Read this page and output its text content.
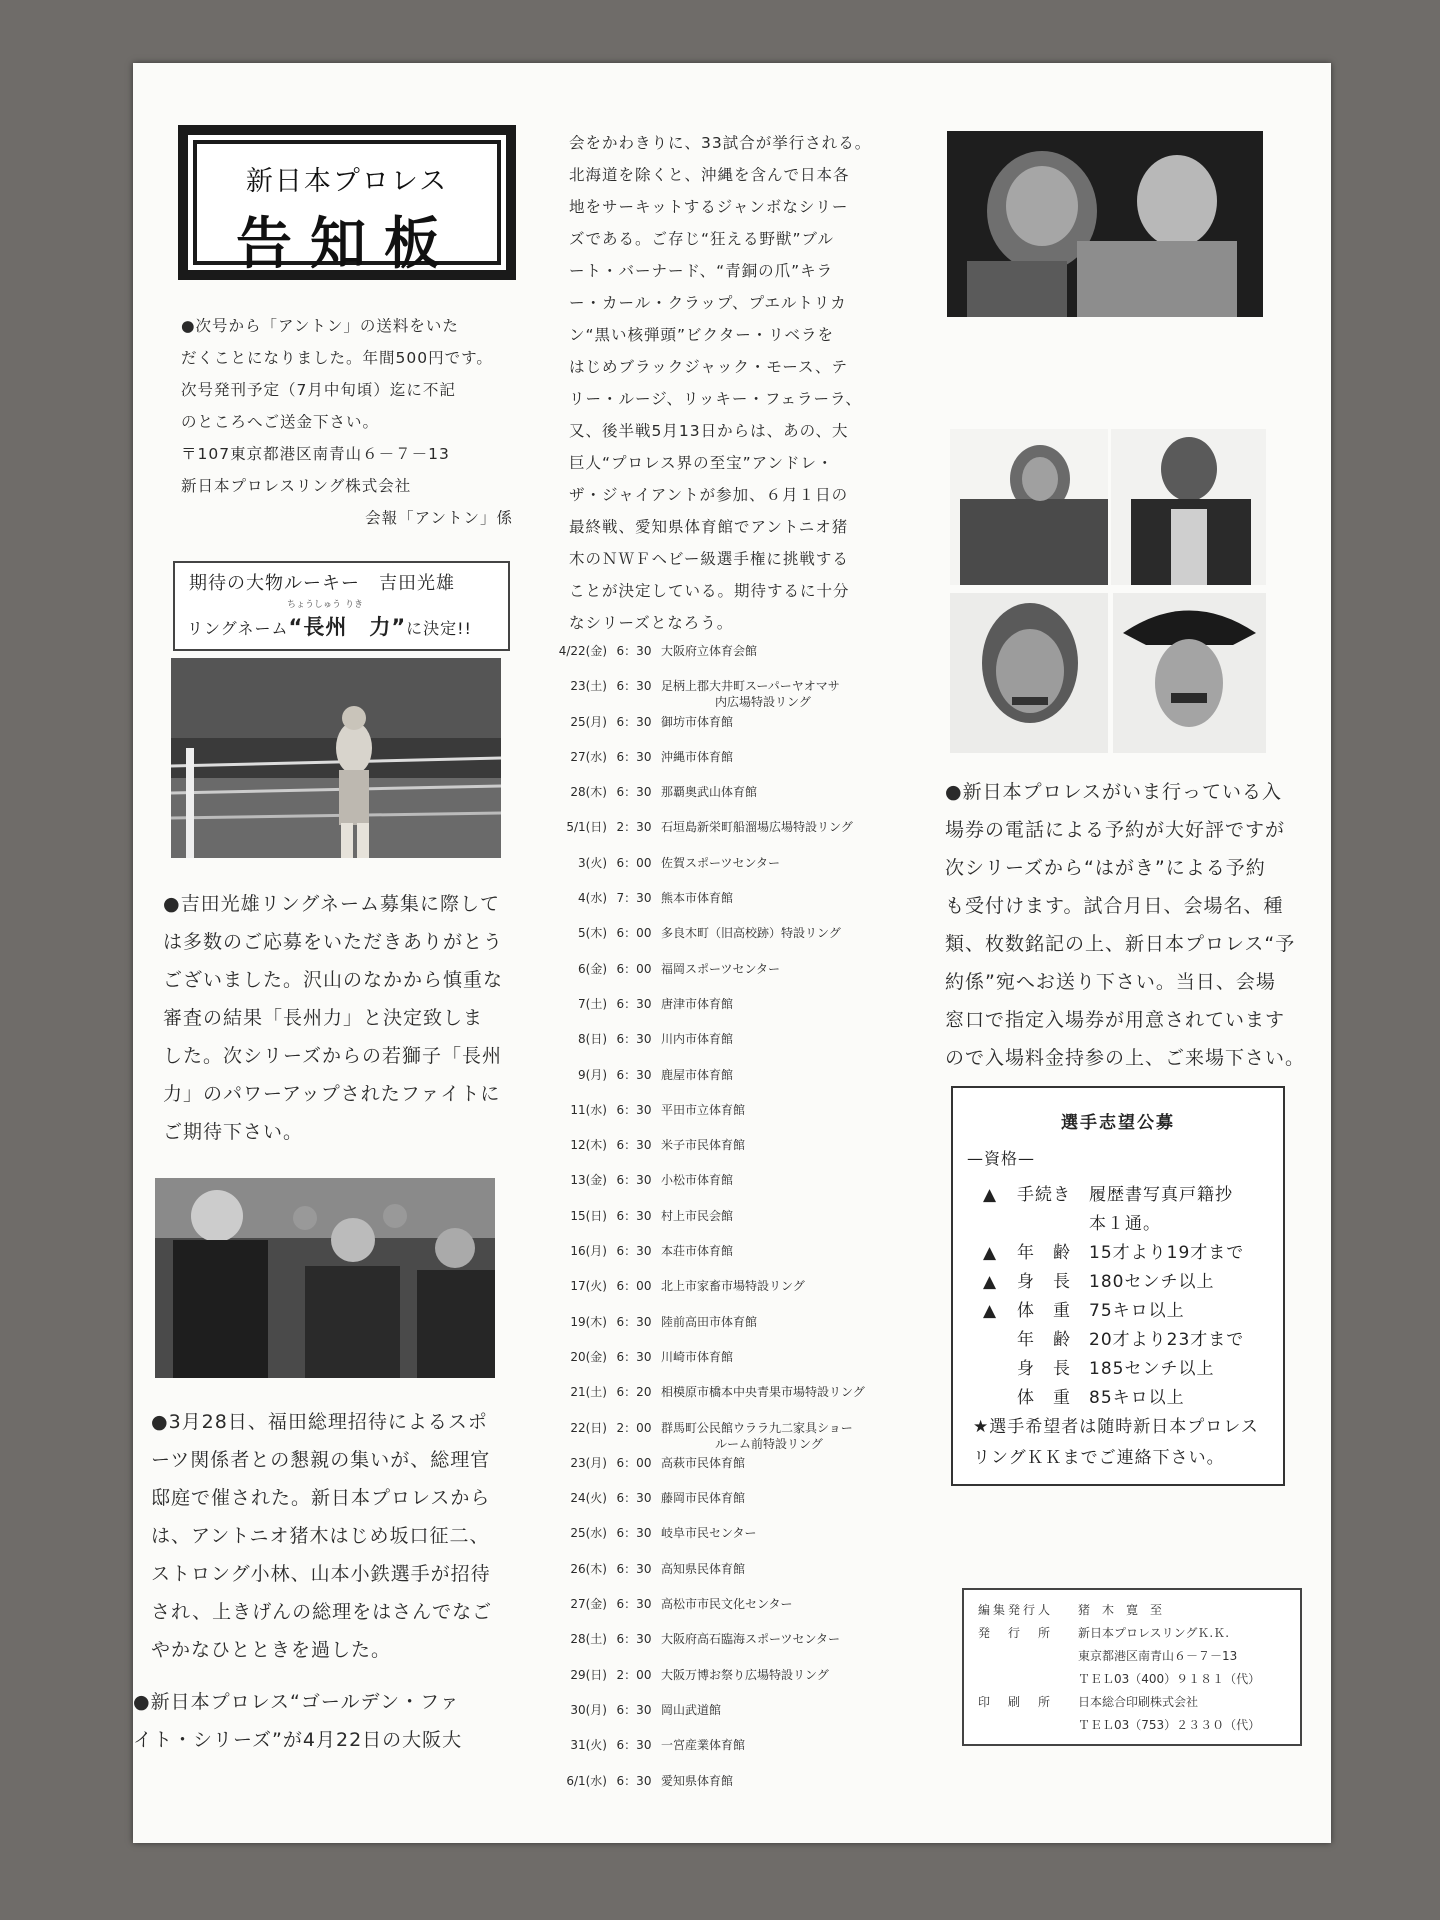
新日本プロレス
告知板
●次号から「アントン」の送料をいた
だくことになりました。年間500円です。
次号発刊予定（7月中旬頃）迄に不記
のところへご送金下さい。
〒107東京都港区南青山６－７－13
新日本プロレスリング株式会社
会報「アントン」係
期待の大物ルーキー　吉田光雄
ちょうしゅう りき
リングネーム“長州　力”に決定!!
●吉田光雄リングネーム募集に際して
は多数のご応募をいただきありがとう
ございました。沢山のなかから慎重な
審査の結果「長州力」と決定致しま
した。次シリーズからの若獅子「長州
力」のパワーアップされたファイトに
ご期待下さい。
●3月28日、福田総理招待によるスポ
ーツ関係者との懇親の集いが、総理官
邸庭で催された。新日本プロレスから
は、アントニオ猪木はじめ坂口征二、
ストロング小林、山本小鉄選手が招待
され、上きげんの総理をはさんでなご
やかなひとときを過した。
●新日本プロレス“ゴールデン・ファ
イト・シリーズ”が4月22日の大阪大
会をかわきりに、33試合が挙行される。
北海道を除くと、沖縄を含んで日本各
地をサーキットするジャンボなシリー
ズである。ご存じ“狂える野獣”ブル
ート・バーナード、“青銅の爪”キラ
ー・カール・クラップ、プエルトリカ
ン“黒い核弾頭”ビクター・リベラを
はじめブラックジャック・モース、テ
リー・ルージ、リッキー・フェラーラ、
又、後半戦5月13日からは、あの、大
巨人“プロレス界の至宝”アンドレ・
ザ・ジャイアントが参加、６月１日の
最終戦、愛知県体育館でアントニオ猪
木のＮＷＦヘビー級選手権に挑戦する
ことが決定している。期待するに十分
なシリーズとなろう。
4/22(金) 6：30 大阪府立体育会館
23(土) 6：30 足柄上郡大井町スーパーヤオマサ
内広場特設リング
25(月) 6：30 御坊市体育館
27(水) 6：30 沖縄市体育館
28(木) 6：30 那覇奥武山体育館
5/1(日) 2：30 石垣島新栄町船溜場広場特設リング
3(火) 6：00 佐賀スポーツセンター
4(水) 7：30 熊本市体育館
5(木) 6：00 多良木町（旧高校跡）特設リング
6(金) 6：00 福岡スポーツセンター
7(土) 6：30 唐津市体育館
8(日) 6：30 川内市体育館
9(月) 6：30 鹿屋市体育館
11(水) 6：30 平田市立体育館
12(木) 6：30 米子市民体育館
13(金) 6：30 小松市体育館
15(日) 6：30 村上市民会館
16(月) 6：30 本荘市体育館
17(火) 6：00 北上市家畜市場特設リング
19(木) 6：30 陸前高田市体育館
20(金) 6：30 川崎市体育館
21(土) 6：20 相模原市橋本中央青果市場特設リング
22(日) 2：00 群馬町公民館ウララ九二家具ショー
ルーム前特設リング
23(月) 6：00 高萩市民体育館
24(火) 6：30 藤岡市民体育館
25(水) 6：30 岐阜市民センター
26(木) 6：30 高知県民体育館
27(金) 6：30 高松市市民文化センター
28(土) 6：30 大阪府高石臨海スポーツセンター
29(日) 2：00 大阪万博お祭り広場特設リング
30(月) 6：30 岡山武道館
31(火) 6：30 一宮産業体育館
6/1(水) 6：30 愛知県体育館
●新日本プロレスがいま行っている入
場券の電話による予約が大好評ですが
次シリーズから“はがき”による予約
も受付けます。試合月日、会場名、種
類、枚数銘記の上、新日本プロレス“予
約係”宛へお送り下さい。当日、会場
窓口で指定入場券が用意されています
ので入場料金持参の上、ご来場下さい。
選手志望公募
—資格—
▲ 手続き 履歴書写真戸籍抄
本１通。
▲ 年　齢 15才より19才まで
▲ 身　長 180センチ以上
▲ 体　重 75キロ以上
年　齢 20才より23才まで
身　長 185センチ以上
体　重 85キロ以上
★選手希望者は随時新日本プロレスリングＫＫまでご連絡下さい。
編集発行人 猪　木　寛　至
発　行　所 新日本プロレスリングＫ.Ｋ.
東京都港区南青山６－７－13
ＴＥＬ03（400）９１８１（代）
印　刷　所 日本総合印刷株式会社
ＴＥＬ03（753）２３３０（代）
